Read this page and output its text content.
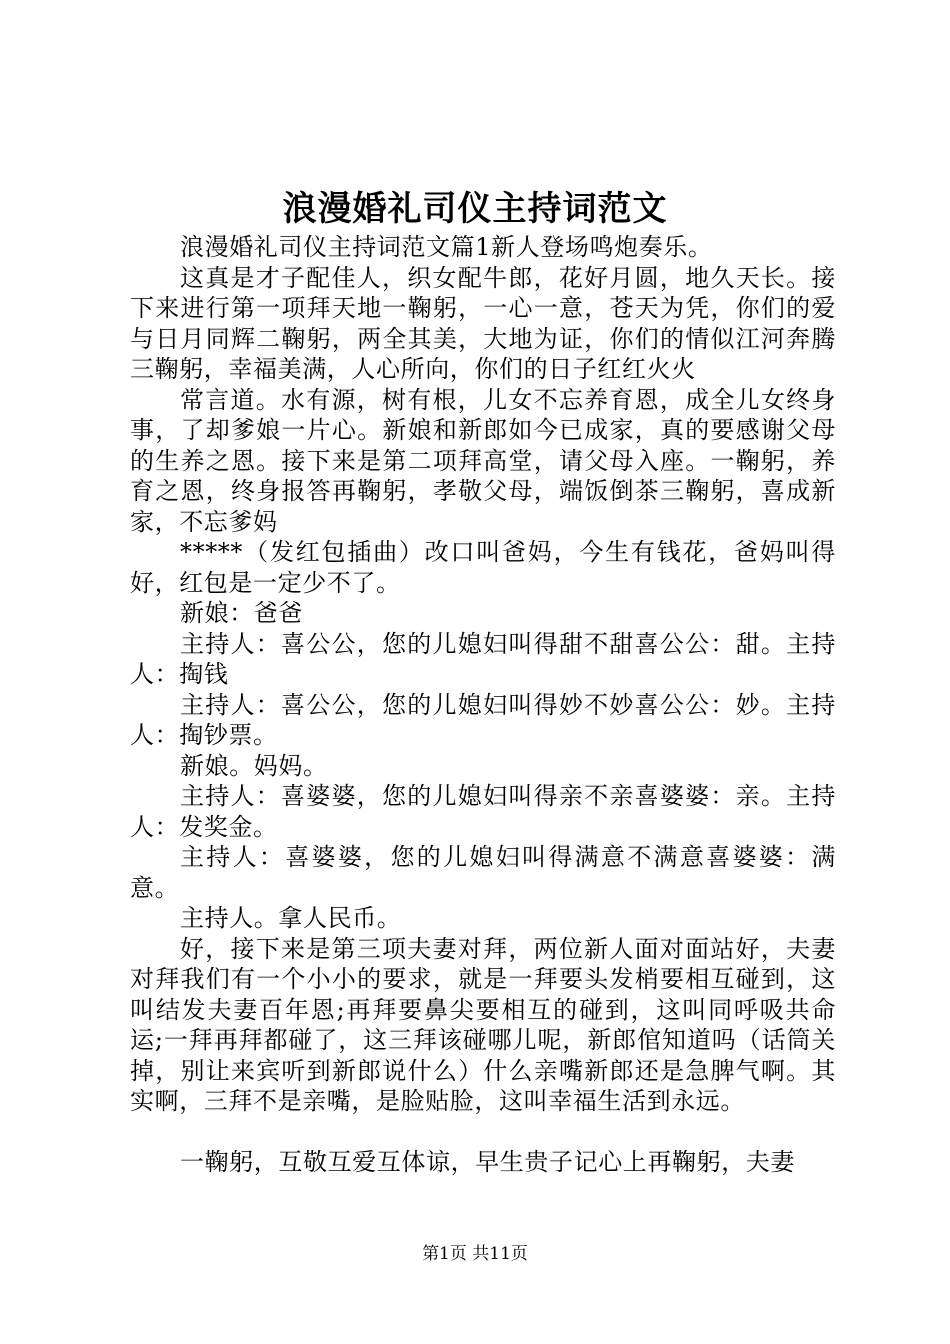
浪漫婚礼司仪主持词范文

浪漫婚礼司仪主持词范文篇1新人登场鸣炮奏乐。

这真是才子配佳人，织女配牛郎，花好月圆，地久天长。接下来进行第一项拜天地一鞠躬，一心一意，苍天为凭，你们的爱与日月同辉二鞠躬，两全其美，大地为证，你们的情似江河奔腾三鞠躬，幸福美满，人心所向，你们的日子红红火火

常言道。水有源，树有根，儿女不忘养育恩，成全儿女终身事，了却爹娘一片心。新娘和新郎如今已成家，真的要感谢父母的生养之恩。接下来是第二项拜高堂，请父母入座。一鞠躬，养育之恩，终身报答再鞠躬，孝敬父母，端饭倒茶三鞠躬，喜成新家，不忘爹妈

*****（发红包插曲）改口叫爸妈，今生有钱花，爸妈叫得好，红包是一定少不了。

新娘：爸爸

主持人：喜公公，您的儿媳妇叫得甜不甜喜公公：甜。主持人：掏钱

主持人：喜公公，您的儿媳妇叫得妙不妙喜公公：妙。主持人：掏钞票。

新娘。妈妈。

主持人：喜婆婆，您的儿媳妇叫得亲不亲喜婆婆：亲。主持人：发奖金。

主持人：喜婆婆，您的儿媳妇叫得满意不满意喜婆婆：满意。

主持人。拿人民币。

好，接下来是第三项夫妻对拜，两位新人面对面站好，夫妻对拜我们有一个小小的要求，就是一拜要头发梢要相互碰到，这叫结发夫妻百年恩;再拜要鼻尖要相互的碰到，这叫同呼吸共命运;一拜再拜都碰了，这三拜该碰哪儿呢，新郎倌知道吗（话筒关掉，别让来宾听到新郎说什么）什么亲嘴新郎还是急脾气啊。其实啊，三拜不是亲嘴，是脸贴脸，这叫幸福生活到永远。

一鞠躬，互敬互爱互体谅，早生贵子记心上再鞠躬，夫妻

第1页 共11页
